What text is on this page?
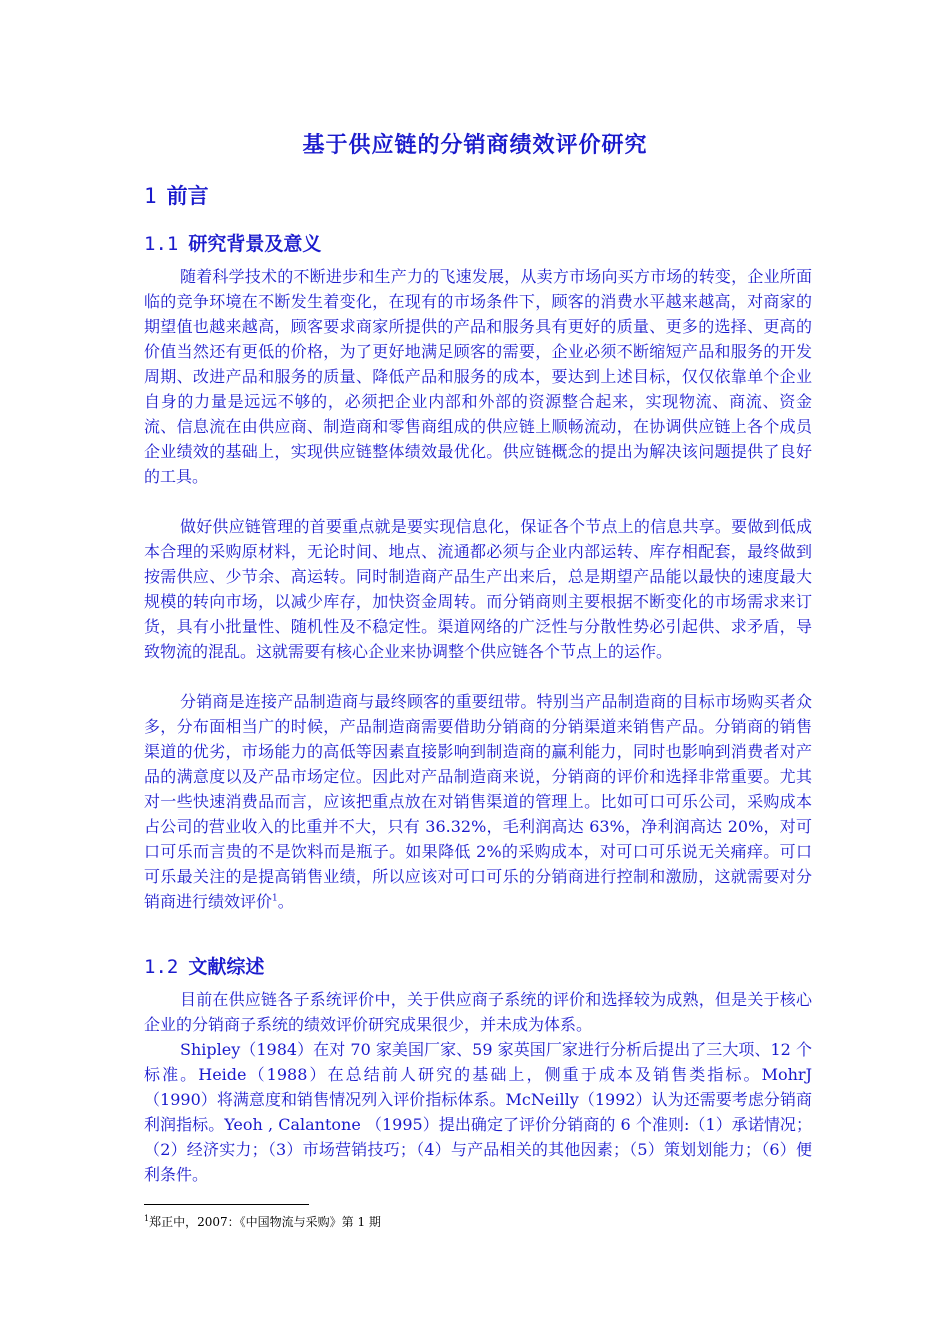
基于供应链的分销商绩效评价研究
1 前言
1.1 研究背景及意义

随着科学技术的不断进步和生产力的飞速发展，从卖方市场向买方市场的转变，企业所面临的竞争环境在不断发生着变化，在现有的市场条件下，顾客的消费水平越来越高，对商家的期望值也越来越高，顾客要求商家所提供的产品和服务具有更好的质量、更多的选择、更高的价值当然还有更低的价格，为了更好地满足顾客的需要，企业必须不断缩短产品和服务的开发周期、改进产品和服务的质量、降低产品和服务的成本，要达到上述目标，仅仅依靠单个企业自身的力量是远远不够的，必须把企业内部和外部的资源整合起来，实现物流、商流、资金流、信息流在由供应商、制造商和零售商组成的供应链上顺畅流动，在协调供应链上各个成员企业绩效的基础上，实现供应链整体绩效最优化。供应链概念的提出为解决该问题提供了良好的工具。

做好供应链管理的首要重点就是要实现信息化，保证各个节点上的信息共享。要做到低成本合理的采购原材料，无论时间、地点、流通都必须与企业内部运转、库存相配套，最终做到按需供应、少节余、高运转。同时制造商产品生产出来后，总是期望产品能以最快的速度最大规模的转向市场，以减少库存，加快资金周转。而分销商则主要根据不断变化的市场需求来订货，具有小批量性、随机性及不稳定性。渠道网络的广泛性与分散性势必引起供、求矛盾，导致物流的混乱。这就需要有核心企业来协调整个供应链各个节点上的运作。

分销商是连接产品制造商与最终顾客的重要纽带。特别当产品制造商的目标市场购买者众多，分布面相当广的时候，产品制造商需要借助分销商的分销渠道来销售产品。分销商的销售渠道的优劣，市场能力的高低等因素直接影响到制造商的赢利能力，同时也影响到消费者对产品的满意度以及产品市场定位。因此对产品制造商来说，分销商的评价和选择非常重要。尤其对一些快速消费品而言，应该把重点放在对销售渠道的管理上。比如可口可乐公司，采购成本占公司的营业收入的比重并不大，只有 36.32%，毛利润高达 63%，净利润高达 20%，对可口可乐而言贵的不是饮料而是瓶子。如果降低 2%的采购成本，对可口可乐说无关痛痒。可口可乐最关注的是提高销售业绩，所以应该对可口可乐的分销商进行控制和激励，这就需要对分销商进行绩效评价$^1$。

1.2 文献综述

目前在供应链各子系统评价中，关于供应商子系统的评价和选择较为成熟，但是关于核心企业的分销商子系统的绩效评价研究成果很少，并未成为体系。

Shipley（1984）在对 70 家美国厂家、59 家英国厂家进行分析后提出了三大项、12 个标准。Heide（1988）在总结前人研究的基础上，侧重于成本及销售类指标。MohrJ（1990）将满意度和销售情况列入评价指标体系。McNeilly（1992）认为还需要考虑分销商利润指标。Yeoh , Calantone （1995）提出确定了评价分销商的 6 个准则:（1）承诺情况；（2）经济实力；（3）市场营销技巧；（4）与产品相关的其他因素；（5）策划划能力；（6）便利条件。

$^1$郑正中，2007：《中国物流与采购》第 1 期
